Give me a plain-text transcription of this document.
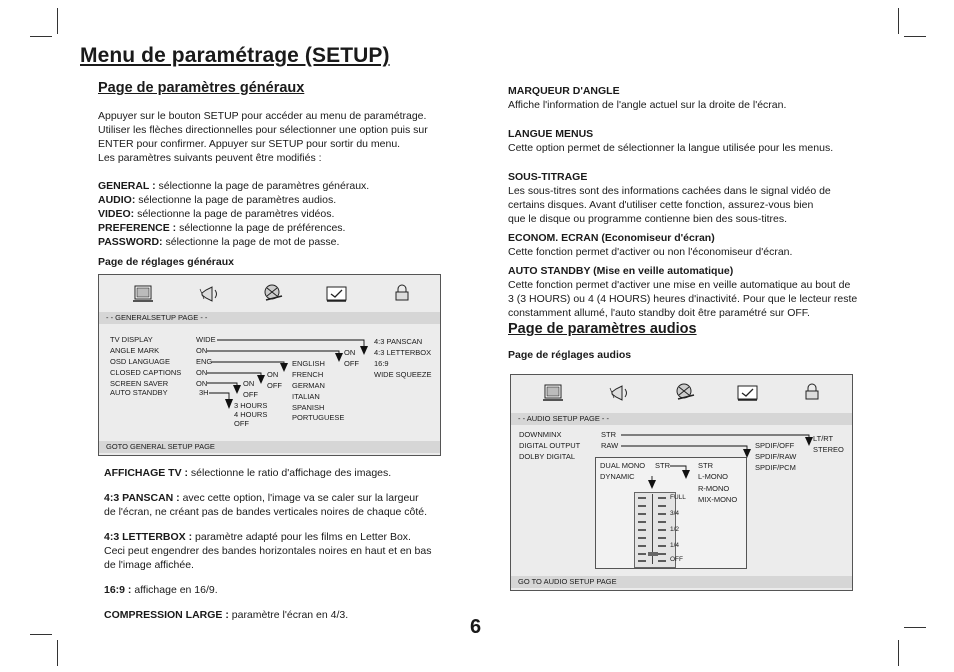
Menu de paramétrage (SETUP)
Page de paramètres généraux

Appuyer sur le bouton SETUP pour accéder au menu de paramétrage.

Utiliser les flèches directionnelles pour sélectionner une option puis sur

ENTER pour confirmer. Appuyer sur SETUP pour sortir du menu.

Les paramètres suivants peuvent être modifiés :

GENERAL : sélectionne la page de paramètres généraux.

AUDIO: sélectionne la page de paramètres audios.

VIDEO: sélectionne la page de paramètres vidéos.

PREFERENCE : sélectionne la page de préférences.

PASSWORD: sélectionne la page de mot de passe.

Page de réglages généraux
- - GENERALSETUP PAGE - -
GOTO GENERAL SETUP PAGE
TV DISPLAY
ANGLE MARK
OSD LANGUAGE
CLOSED CAPTIONS
SCREEN SAVER
AUTO STANDBY
WIDE
ON
ENG
ON
ON
3H
4:3 PANSCAN
4:3 LETTERBOX
16:9
WIDE SQUEEZE
ON
OFF
ENGLISH
FRENCH
GERMAN
ITALIAN
SPANISH
PORTUGUESE
ON
OFF
ON
OFF
3 HOURS
4 HOURS
OFF

AFFICHAGE TV : sélectionne le ratio d'affichage des images.

4:3 PANSCAN : avec cette option, l'image va se caler sur la largeur

de l'écran, ne créant pas de bandes verticales noires de chaque côté.

4:3 LETTERBOX : paramètre adapté pour les films en Letter Box.

Ceci peut engendrer des bandes horizontales noires en haut et en bas

de l'image affichée.

16:9 : affichage en 16/9.

COMPRESSION LARGE : paramètre l'écran en 4/3.

MARQUEUR D'ANGLE

Affiche l'information de l'angle actuel sur la droite de l'écran.

LANGUE MENUS

Cette option permet de sélectionner la langue utilisée pour les menus.

SOUS-TITRAGE

Les sous-titres sont des informations cachées dans le signal vidéo de

certains disques. Avant d'utiliser cette fonction, assurez-vous bien

que le disque ou programme contienne bien des sous-titres.

ECONOM. ECRAN (Economiseur d'écran)

Cette fonction permet d'activer ou non l'économiseur d'écran.

AUTO STANDBY (Mise en veille automatique)

Cette fonction permet d'activer une mise en veille automatique au bout de

3 (3 HOURS) ou 4 (4 HOURS) heures d'inactivité. Pour que le lecteur reste

constamment allumé, l'auto standby doit être paramétré sur OFF.

Page de paramètres audios
Page de réglages audios
- - AUDIO SETUP PAGE - -
GO TO AUDIO SETUP PAGE
DOWNMINX
DIGITAL OUTPUT
DOLBY DIGITAL
STR
RAW
LT/RT
STEREO
SPDIF/OFF
SPDIF/RAW
SPDIF/PCM
DUAL MONO
DYNAMIC
STR	STR
L-MONO
R-MONO
MIX-MONO
FULL
3/4
1/2
1/4
OFF
6
